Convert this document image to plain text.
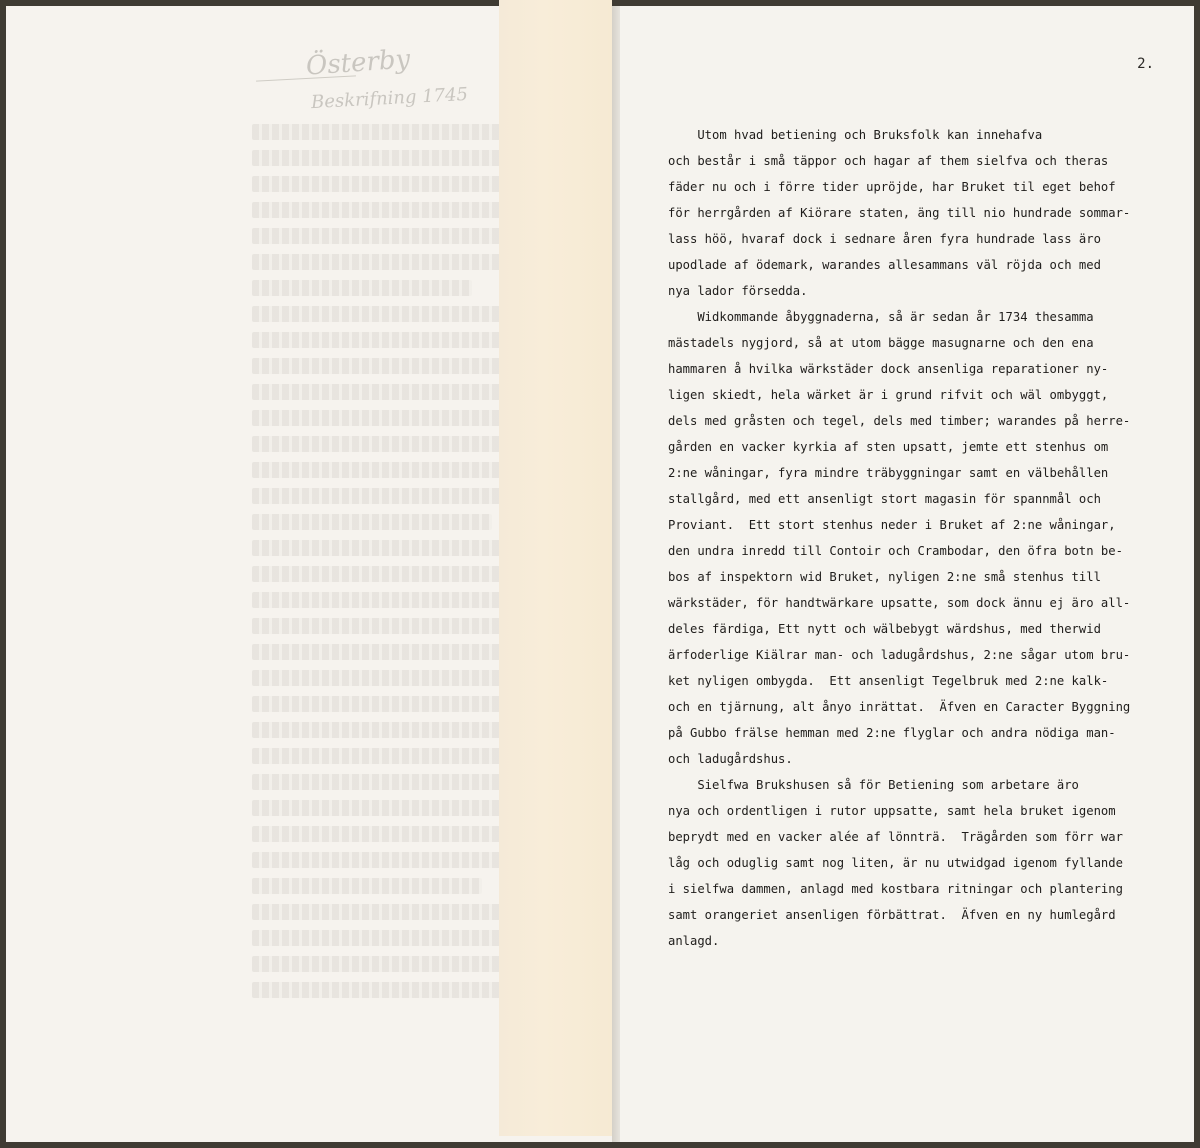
Österby
Beskrifning 1745
2.
Utom hvad betiening och Bruksfolk kan innehafva
och består i små täppor och hagar af them sielfva och theras
fäder nu och i förre tider upröjde, har Bruket til eget behof
för herrgården af Kiörare staten, äng till nio hundrade sommar-
lass höö, hvaraf dock i sednare åren fyra hundrade lass äro
upodlade af ödemark, warandes allesammans väl röjda och med
nya lador försedda.
Widkommande åbyggnaderna, så är sedan år 1734 thesamma
mästadels nygjord, så at utom bägge masugnarne och den ena
hammaren å hvilka wärkstäder dock ansenliga reparationer ny-
ligen skiedt, hela wärket är i grund rifvit och wäl ombyggt,
dels med gråsten och tegel, dels med timber; warandes på herre-
gården en vacker kyrkia af sten upsatt, jemte ett stenhus om
2:ne wåningar, fyra mindre träbyggningar samt en välbehållen
stallgård, med ett ansenligt stort magasin för spannmål och
Proviant.  Ett stort stenhus neder i Bruket af 2:ne wåningar,
den undra inredd till Contoir och Crambodar, den öfra botn be-
bos af inspektorn wid Bruket, nyligen 2:ne små stenhus till
wärkstäder, för handtwärkare upsatte, som dock ännu ej äro all-
deles färdiga, Ett nytt och wälbebygt wärdshus, med therwid
ärfoderlige Kiälrar man- och ladugårdshus, 2:ne sågar utom bru-
ket nyligen ombygda.  Ett ansenligt Tegelbruk med 2:ne kalk-
och en tjärnung, alt ånyo inrättat.  Äfven en Caracter Byggning
på Gubbo frälse hemman med 2:ne flyglar och andra nödiga man-
och ladugårdshus.
Sielfwa Brukshusen så för Betiening som arbetare äro
nya och ordentligen i rutor uppsatte, samt hela bruket igenom
beprydt med en vacker alée af lönnträ.  Trägården som förr war
låg och oduglig samt nog liten, är nu utwidgad igenom fyllande
i sielfwa dammen, anlagd med kostbara ritningar och plantering
samt orangeriet ansenligen förbättrat.  Äfven en ny humlegård
anlagd.
